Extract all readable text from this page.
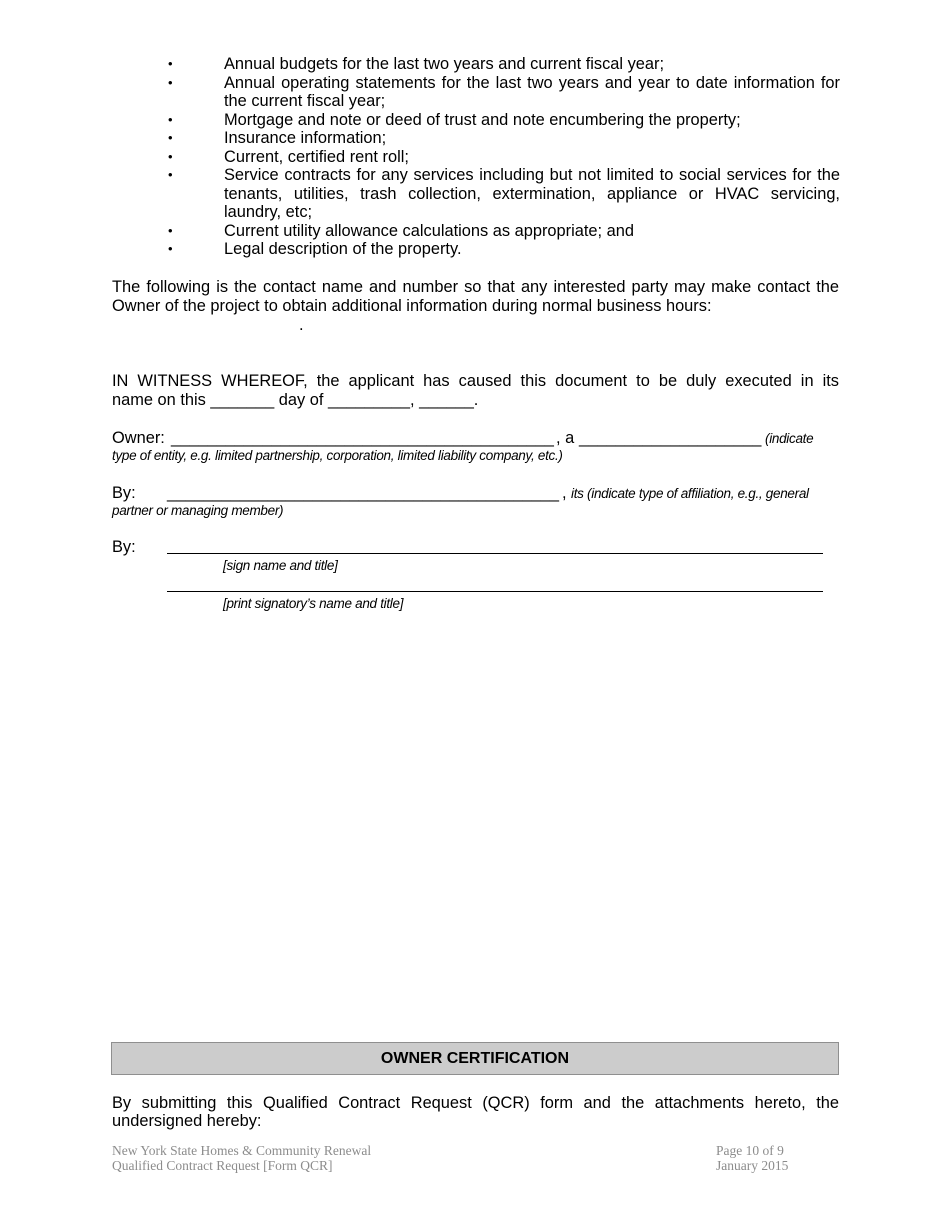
•	Annual budgets for the last two years and current fiscal year;
•	Annual operating statements for the last two years and year to date information for the current fiscal year;
•	Mortgage and note or deed of trust and note encumbering the property;
•	Insurance information;
•	Current, certified rent roll;
•	Service contracts for any services including but not limited to social services for the tenants, utilities, trash collection, extermination, appliance or HVAC servicing, laundry, etc;
•	Current utility allowance calculations as appropriate; and
•	Legal description of the property.
The following is the contact name and number so that any interested party may make contact the Owner of the project to obtain additional information during normal business hours:
.
IN WITNESS WHEREOF, the applicant has caused this document to be duly executed in its
name on this _______ day of _________, ______.
Owner: __________________________________________ , a ____________________ (indicate
type of entity, e.g. limited partnership, corporation, limited liability company, etc.)
By: ___________________________________________ , its (indicate type of affiliation, e.g., general
partner or managing member)
By:
[sign name and title]
[print signatory’s name and title]
OWNER CERTIFICATION
By submitting this Qualified Contract Request (QCR) form and the attachments hereto, the
undersigned hereby:
New York State Homes & Community Renewal
Qualified Contract Request [Form QCR]
Page 10 of 9
January 2015
